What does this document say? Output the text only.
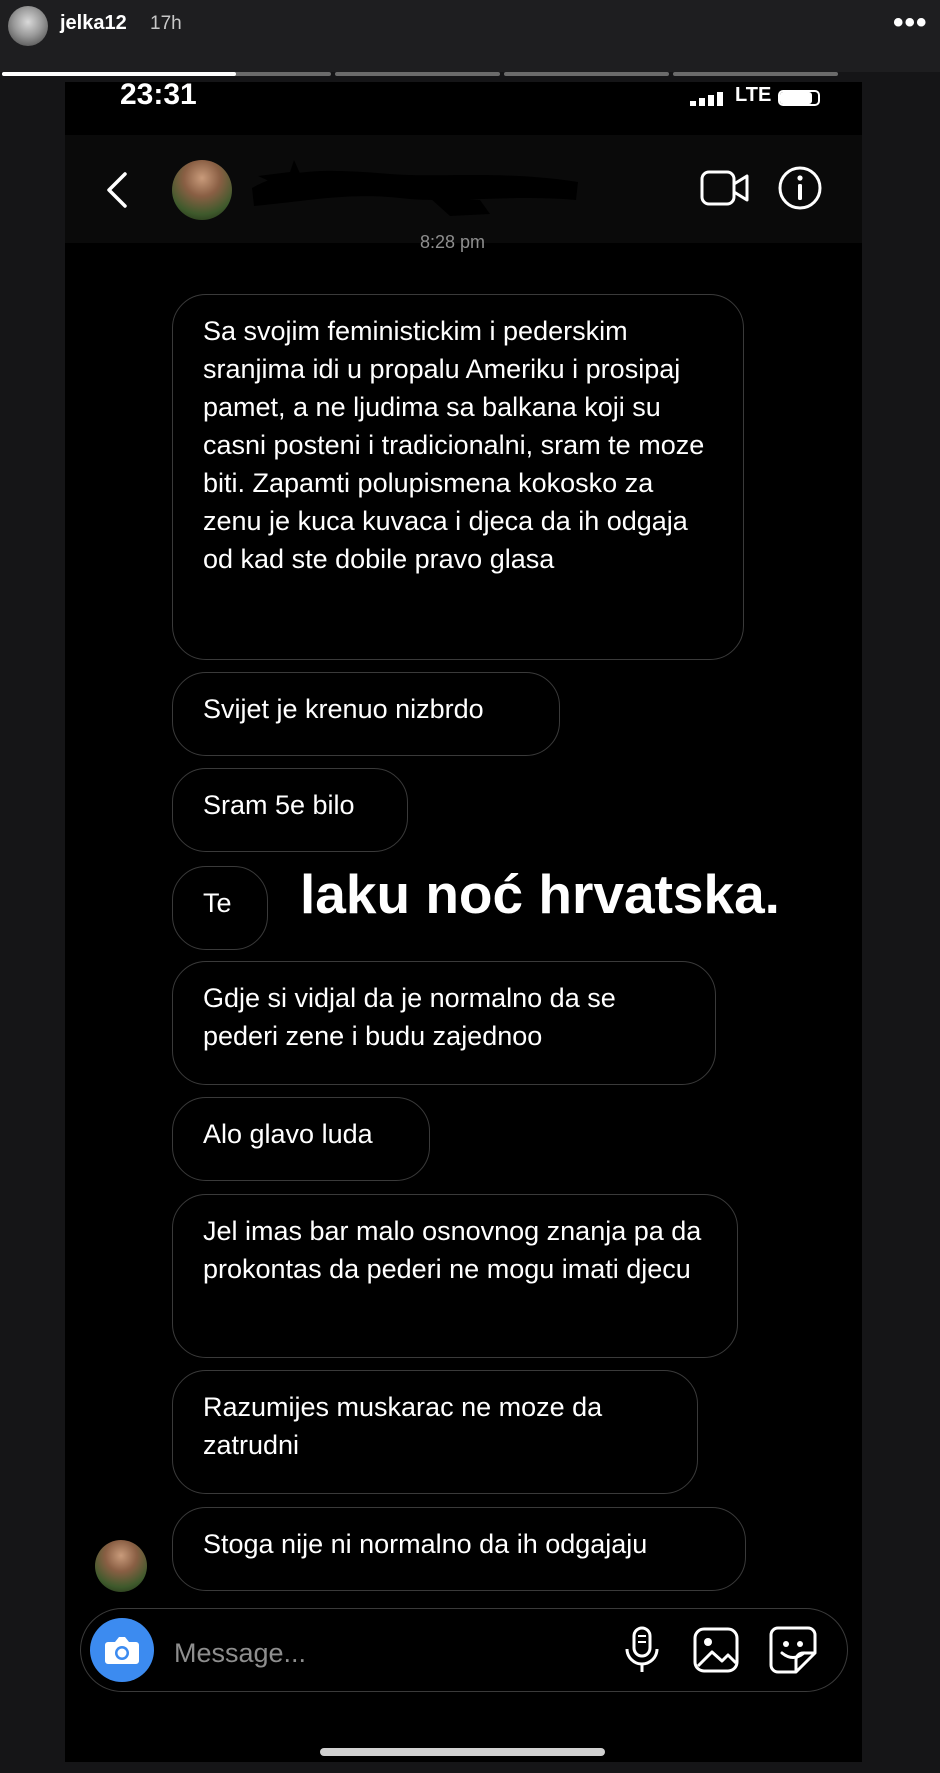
jelka12 17h	•••
23:31	LTE
8:28 pm
Sa svojim feministickim i pederskim sranjima idi u propalu Ameriku i prosipaj pamet, a ne ljudima sa balkana koji su casni posteni i tradicionalni, sram te moze biti. Zapamti polupismena kokosko za zenu je kuca kuvaca i djeca da ih odgaja od kad ste dobile pravo glasa
Svijet je krenuo nizbrdo
Sram 5e bilo
Te
Gdje si vidjal da je normalno da se pederi zene i budu zajednoo
Alo glavo luda
Jel imas bar malo osnovnog znanja pa da prokontas da pederi ne mogu imati djecu
Razumijes muskarac ne moze da zatrudni
Stoga nije ni normalno da ih odgajaju
laku noć hrvatska.
Message...
